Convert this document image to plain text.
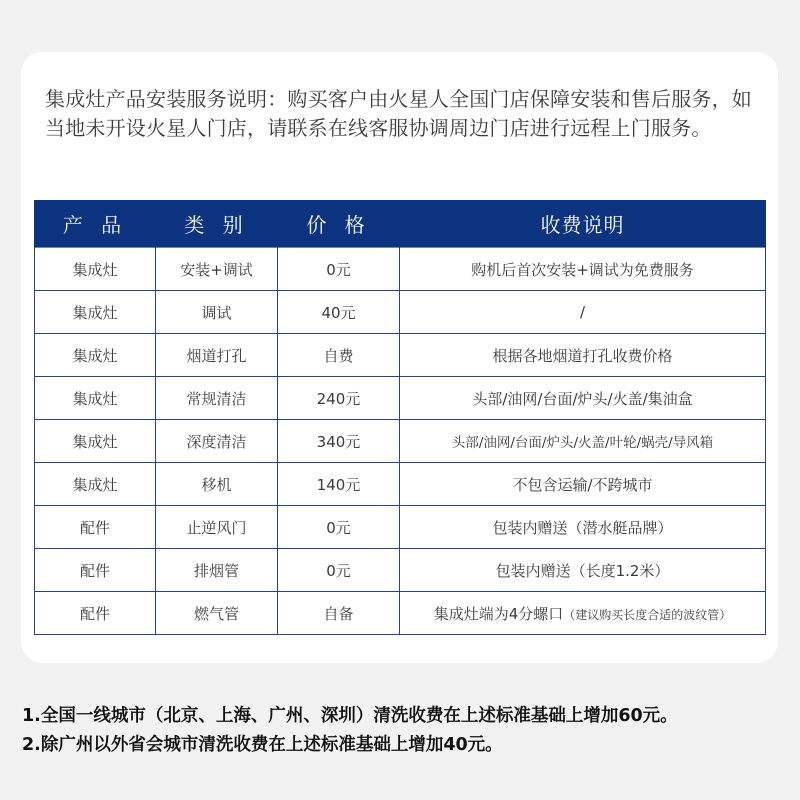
集成灶产品安装服务说明：购买客户由火星人全国门店保障安装和售后服务，如当地未开设火星人门店，请联系在线客服协调周边门店进行远程上门服务。
产 品	类 别	价 格	收费说明
集成灶	安装+调试	0元	购机后首次安装+调试为免费服务
集成灶	调试	40元	/
集成灶	烟道打孔	自费	根据各地烟道打孔收费价格
集成灶	常规清洁	240元	头部/油网/台面/炉头/火盖/集油盒
集成灶	深度清洁	340元	头部/油网/台面/炉头/火盖/叶轮/蜗壳/导风箱
集成灶	移机	140元	不包含运输/不跨城市
配件	止逆风门	0元	包装内赠送（潜水艇品牌）
配件	排烟管	0元	包装内赠送（长度1.2米）
配件	燃气管	自备	集成灶端为4分螺口（建议购买长度合适的波纹管）
1.全国一线城市（北京、上海、广州、深圳）清洗收费在上述标准基础上增加60元。
2.除广州以外省会城市清洗收费在上述标准基础上增加40元。
